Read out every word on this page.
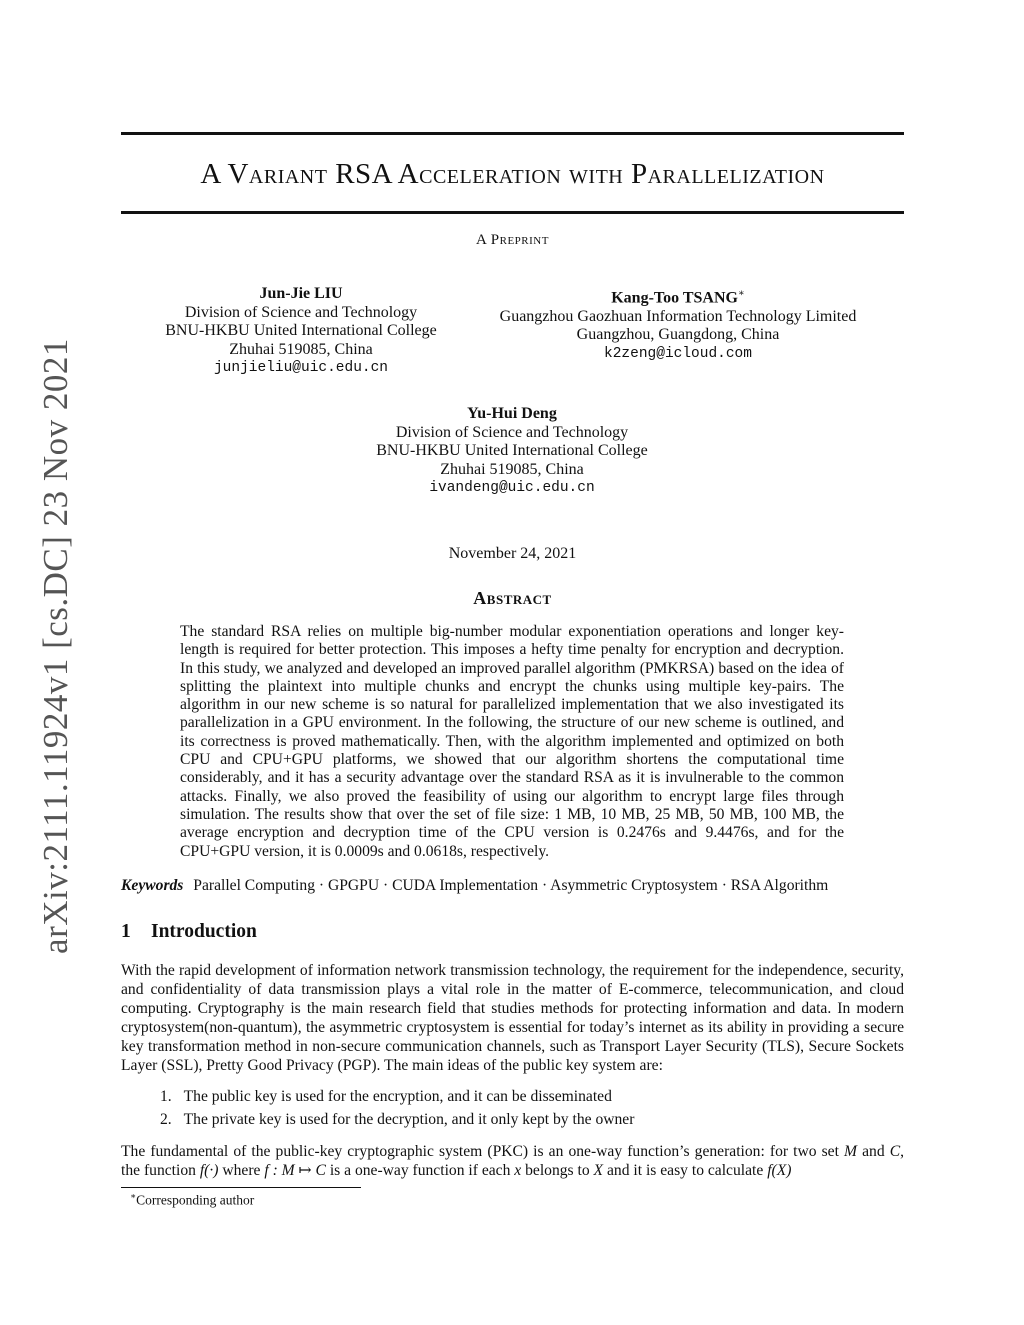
arXiv:2111.11924v1 [cs.DC] 23 Nov 2021
A Variant RSA Acceleration with Parallelization
A Preprint
Jun-Jie LIU
Division of Science and Technology
BNU-HKBU United International College
Zhuhai 519085, China
junjieliu@uic.edu.cn
Kang-Too TSANG∗
Guangzhou Gaozhuan Information Technology Limited
Guangzhou, Guangdong, China
k2zeng@icloud.com
Yu-Hui Deng
Division of Science and Technology
BNU-HKBU United International College
Zhuhai 519085, China
ivandeng@uic.edu.cn
November 24, 2021
Abstract
The standard RSA relies on multiple big-number modular exponentiation operations and longer key-length is required for better protection. This imposes a hefty time penalty for encryption and decryption. In this study, we analyzed and developed an improved parallel algorithm (PMKRSA) based on the idea of splitting the plaintext into multiple chunks and encrypt the chunks using multiple key-pairs. The algorithm in our new scheme is so natural for parallelized implementation that we also investigated its parallelization in a GPU environment. In the following, the structure of our new scheme is outlined, and its correctness is proved mathematically. Then, with the algorithm implemented and optimized on both CPU and CPU+GPU platforms, we showed that our algorithm shortens the computational time considerably, and it has a security advantage over the standard RSA as it is invulnerable to the common attacks. Finally, we also proved the feasibility of using our algorithm to encrypt large files through simulation. The results show that over the set of file size: 1 MB, 10 MB, 25 MB, 50 MB, 100 MB, the average encryption and decryption time of the CPU version is 0.2476s and 9.4476s, and for the CPU+GPU version, it is 0.0009s and 0.0618s, respectively.
Keywords Parallel Computing · GPGPU · CUDA Implementation · Asymmetric Cryptosystem · RSA Algorithm
1 Introduction
With the rapid development of information network transmission technology, the requirement for the independence, security, and confidentiality of data transmission plays a vital role in the matter of E-commerce, telecommunication, and cloud computing. Cryptography is the main research field that studies methods for protecting information and data. In modern cryptosystem(non-quantum), the asymmetric cryptosystem is essential for today’s internet as its ability in providing a secure key transformation method in non-secure communication channels, such as Transport Layer Security (TLS), Secure Sockets Layer (SSL), Pretty Good Privacy (PGP). The main ideas of the public key system are:
1. The public key is used for the encryption, and it can be disseminated
2. The private key is used for the decryption, and it only kept by the owner
The fundamental of the public-key cryptographic system (PKC) is an one-way function’s generation: for two set M and C, the function f(·) where f : M ↦ C is a one-way function if each x belongs to X and it is easy to calculate f(X)
∗Corresponding author
